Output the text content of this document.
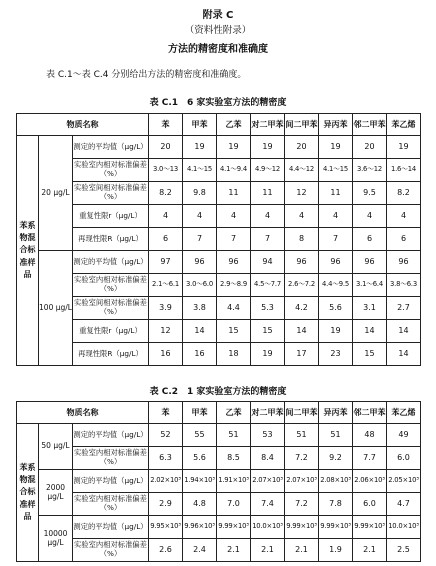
附录 C
（资料性附录）
方法的精密度和准确度
表 C.1～表 C.4 分别给出方法的精密度和准确度。
表 C.1　6 家实验室方法的精密度
物质名称			苯	甲苯	乙苯	对二甲苯	间二甲苯	异丙苯	邻二甲苯	苯乙烯
苯系物混合标准样品	20 μg/L	测定的平均值（μg/L）	20	19	19	19	20	19	20	19
		实验室内相对标准偏差（%）	3.0～13	4.1～15	4.1～9.4	4.9～12	4.4～12	4.1～15	3.6～12	1.6～14
		实验室间相对标准偏差（%）	8.2	9.8	11	11	12	11	9.5	8.2
		重复性限r（μg/L）	4	4	4	4	4	4	4	4
		再现性限R（μg/L）	6	7	7	7	8	7	6	6
	100 μg/L	测定的平均值（μg/L）	97	96	96	94	96	96	96	96
		实验室内相对标准偏差（%）	2.1～6.1	3.0～6.0	2.9～8.9	4.5～7.7	2.6～7.2	4.4～9.5	3.1～6.4	3.8～6.3
		实验室间相对标准偏差（%）	3.9	3.8	4.4	5.3	4.2	5.6	3.1	2.7
		重复性限r（μg/L）	12	14	15	15	14	19	14	14
		再现性限R（μg/L）	16	16	18	19	17	23	15	14
表 C.2　1 家实验室方法的精密度
物质名称			苯	甲苯	乙苯	对二甲苯	间二甲苯	异丙苯	邻二甲苯	苯乙烯
苯系物混合标准样品	50 μg/L	测定的平均值（μg/L）	52	55	51	53	51	51	48	49
		实验室内相对标准偏差（%）	6.3	5.6	8.5	8.4	7.2	9.2	7.7	6.0
	2000 μg/L	测定的平均值（μg/L）	2.02×10³	1.94×10³	1.91×10³	2.07×10³	2.07×10³	2.08×10³	2.06×10³	2.05×10³
		实验室内相对标准偏差（%）	2.9	4.8	7.0	7.4	7.2	7.8	6.0	4.7
	10000 μg/L	测定的平均值（μg/L）	9.95×10³	9.96×10³	9.99×10³	10.0×10³	9.99×10³	9.99×10³	9.99×10³	10.0×10³
		实验室内相对标准偏差（%）	2.6	2.4	2.1	2.1	2.1	1.9	2.1	2.5
